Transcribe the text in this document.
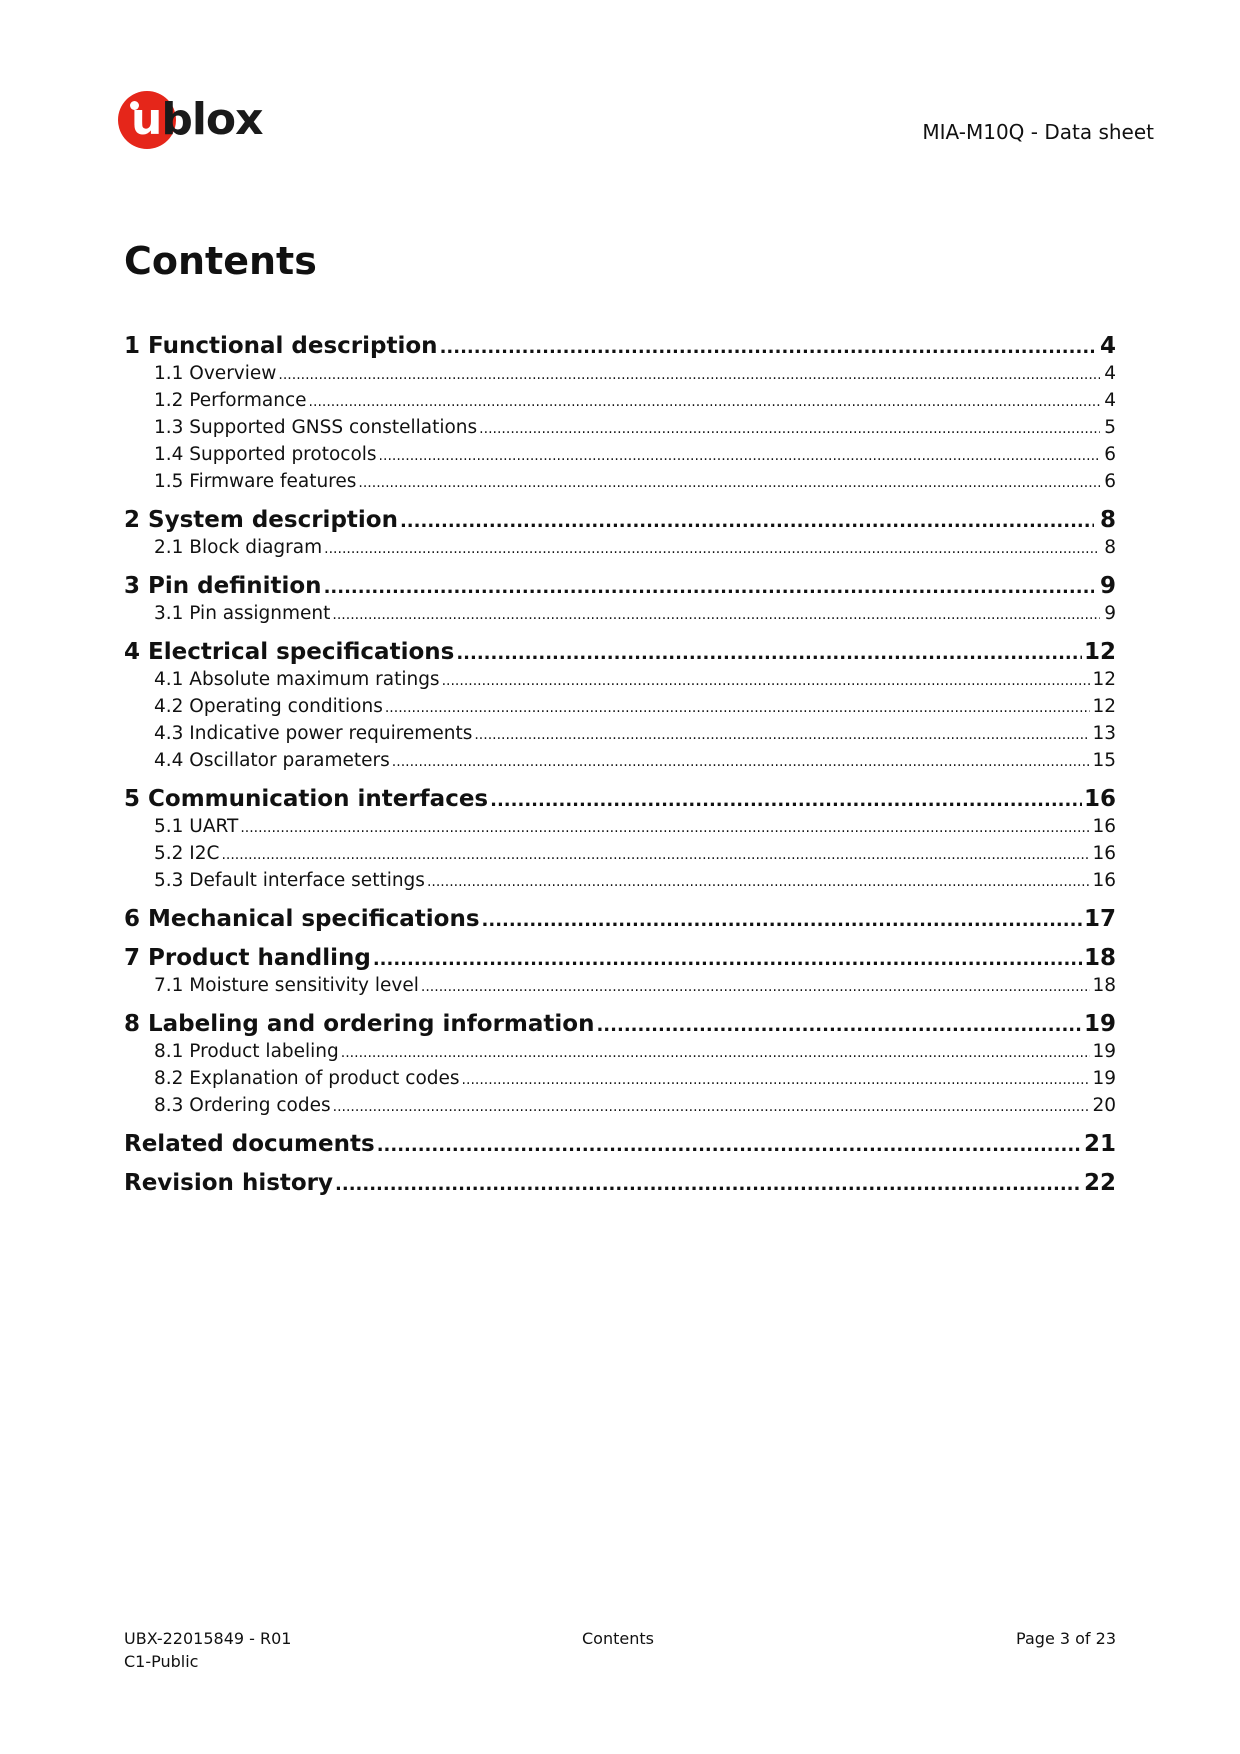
ublox	MIA-M10Q - Data sheet
Contents
1 Functional description .....	4
1.1 Overview .....	4
1.2 Performance .....	4
1.3 Supported GNSS constellations .....	5
1.4 Supported protocols .....	6
1.5 Firmware features .....	6
2 System description .....	8
2.1 Block diagram .....	8
3 Pin definition .....	9
3.1 Pin assignment .....	9
4 Electrical specifications .....	12
4.1 Absolute maximum ratings .....	12
4.2 Operating conditions .....	12
4.3 Indicative power requirements .....	13
4.4 Oscillator parameters .....	15
5 Communication interfaces .....	16
5.1 UART .....	16
5.2 I2C .....	16
5.3 Default interface settings .....	16
6 Mechanical specifications .....	17
7 Product handling .....	18
7.1 Moisture sensitivity level .....	18
8 Labeling and ordering information .....	19
8.1 Product labeling .....	19
8.2 Explanation of product codes .....	19
8.3 Ordering codes .....	20
Related documents .....	21
Revision history .....	22
UBX-22015849 - R01
C1-Public
Contents	Page 3 of 23
